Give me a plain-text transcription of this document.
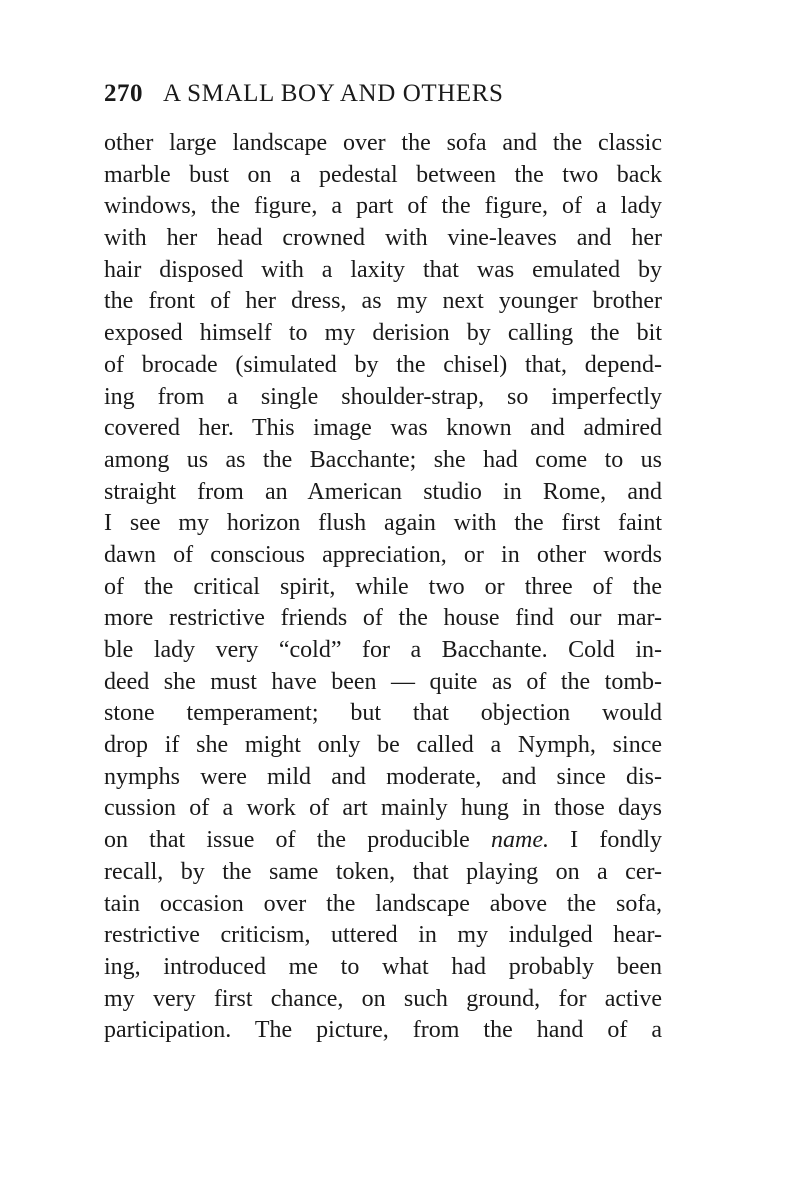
270 A SMALL BOY AND OTHERS
other large landscape over the sofa and the classic
marble bust on a pedestal between the two back
windows, the figure, a part of the figure, of a lady
with her head crowned with vine-leaves and her
hair disposed with a laxity that was emulated by
the front of her dress, as my next younger brother
exposed himself to my derision by calling the bit
of brocade (simulated by the chisel) that, depend-
ing from a single shoulder-strap, so imperfectly
covered her. This image was known and admired
among us as the Bacchante; she had come to us
straight from an American studio in Rome, and
I see my horizon flush again with the first faint
dawn of conscious appreciation, or in other words
of the critical spirit, while two or three of the
more restrictive friends of the house find our mar-
ble lady very “cold” for a Bacchante. Cold in-
deed she must have been — quite as of the tomb-
stone temperament; but that objection would
drop if she might only be called a Nymph, since
nymphs were mild and moderate, and since dis-
cussion of a work of art mainly hung in those days
on that issue of the producible name. I fondly
recall, by the same token, that playing on a cer-
tain occasion over the landscape above the sofa,
restrictive criticism, uttered in my indulged hear-
ing, introduced me to what had probably been
my very first chance, on such ground, for active
participation. The picture, from the hand of a
